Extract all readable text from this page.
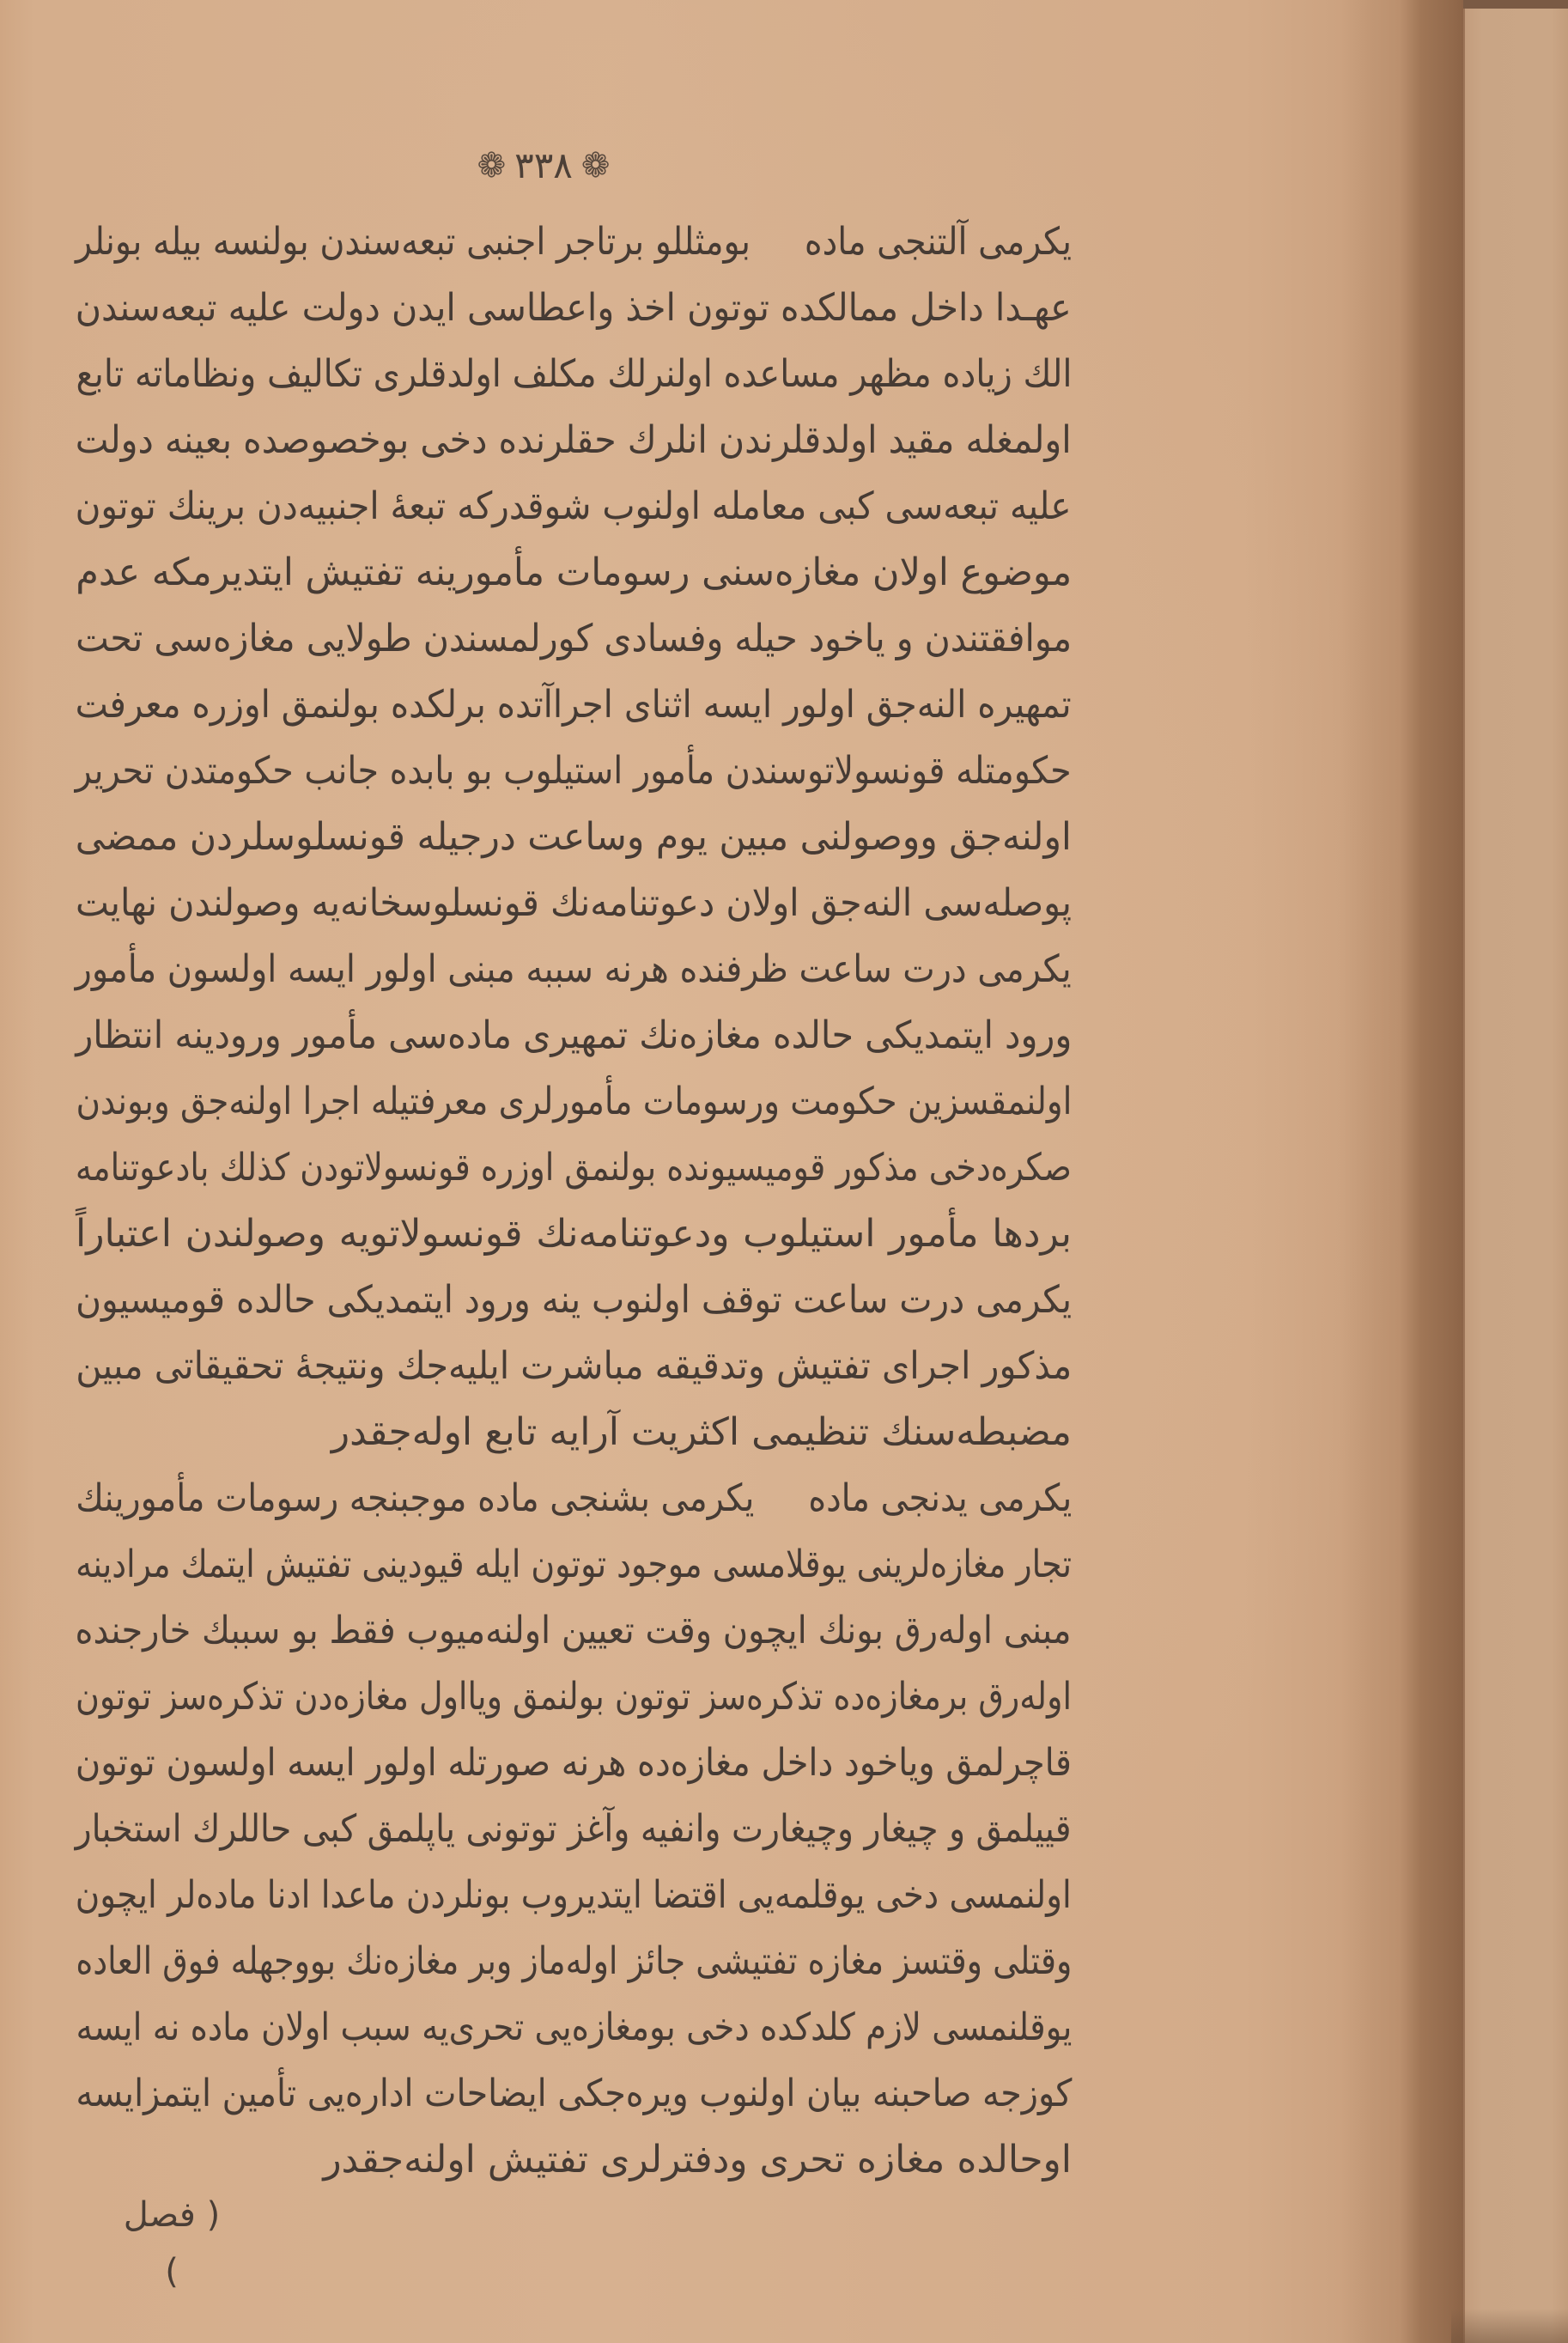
❁
٣٣٨
❁
یكرمی آلتنجی مادهبومثللو برتاجر اجنبی تبعه‌سندن بولنسه بیله بونلر
عهـدا داخل ممالكده توتون اخذ واعطاسی ایدن دولت علیه تبعه‌سندن
الك زیاده مظهر مساعده اولنرلك مكلف اولدقلری تكالیف ونظاماته تابع
اولمغله مقید اولدقلرندن انلرك حقلرنده دخی بوخصوصده بعینه دولت
علیه تبعه‌سی كبی معامله اولنوب شوقدركه تبعهٔ اجنبیه‌دن برینك توتون
موضوع اولان مغازه‌سنی رسومات مأمورینه تفتیش ایتدیرمكه عدم
موافقتندن و یاخود حیله وفسادی كورلمسندن طولایی مغازه‌سی تحت
تمهیره النه‌جق اولور ایسه اثنای اجراآتده برلكده بولنمق اوزره معرفت
حكومتله قونسولاتوسندن مأمور استیلوب بو بابده جانب حكومتدن تحریر
اولنه‌جق ووصولنی مبین یوم وساعت درجیله قونسلوسلردن ممضی
پوصله‌سی النه‌جق اولان دعوتنامه‌نك قونسلوسخانه‌یه وصولندن نهایت
یكرمی درت ساعت ظرفنده هرنه سببه مبنی اولور ایسه اولسون مأمور
ورود ایتمدیكی حالده مغازه‌نك تمهیری ماده‌سی مأمور ورودینه انتظار
اولنمقسزین حكومت ورسومات مأمورلری معرفتیله اجرا اولنه‌جق وبوندن
صكره‌دخی مذكور قومیسیونده بولنمق اوزره قونسولاتودن كذلك بادعوتنامه
بردها مأمور استیلوب ودعوتنامه‌نك قونسولاتویه وصولندن اعتباراً
یكرمی درت ساعت توقف اولنوب ینه ورود ایتمدیكی حالده قومیسیون
مذكور اجرای تفتیش وتدقیقه مباشرت ایلیه‌جك ونتیجهٔ تحقیقاتی مبین
مضبطه‌سنك تنظیمی اكثریت آرایه تابع اوله‌جقدر
یكرمی یدنجی مادهیكرمی بشنجی ماده موجبنجه رسومات مأمورینك
تجار مغازه‌لرینی یوقلامسی موجود توتون ایله قیودینی تفتیش ایتمك مرادینه
مبنی اوله‌رق بونك ایچون وقت تعیین اولنه‌میوب فقط بو سببك خارجنده
اوله‌رق برمغازه‌ده تذكره‌سز توتون بولنمق ویااول مغازه‌دن تذكره‌سز توتون
قاچرلمق ویاخود داخل مغازه‌ده هرنه صورتله اولور ایسه اولسون توتون
قییلمق و چیغار وچیغارت وانفیه وآغز توتونی یاپلمق كبی حاللرك استخبار
اولنمسی دخی یوقلمه‌یی اقتضا ایتدیروب بونلردن ماعدا ادنا ماده‌لر ایچون
وقتلی وقتسز مغازه تفتیشی جائز اوله‌ماز وبر مغازه‌نك بووجهله فوق العاده
یوقلنمسی لازم كلدكده دخی بومغازه‌یی تحری‌یه سبب اولان ماده نه ایسه
كوزجه صاحبنه بیان اولنوب ویره‌جكی ایضاحات اداره‌یی تأمین ایتمزایسه
اوحالده مغازه تحری ودفترلری تفتیش اولنه‌جقدر
( فصل )
